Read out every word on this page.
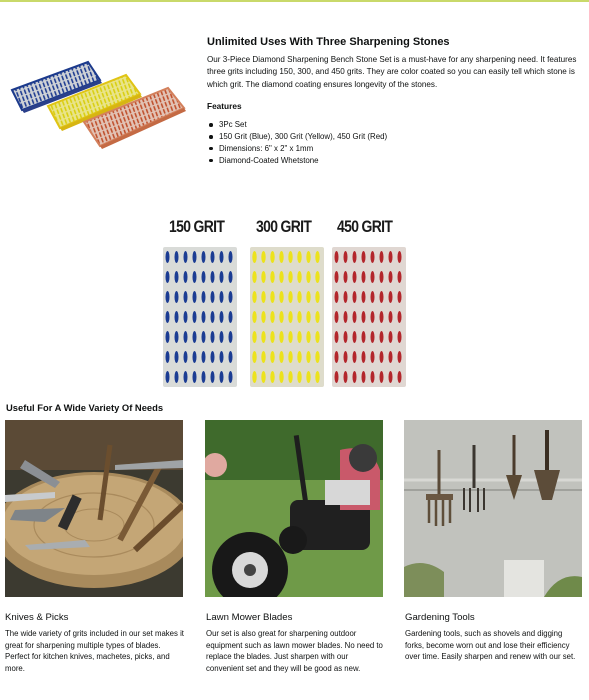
Unlimited Uses With Three Sharpening Stones

Our 3-Piece Diamond Sharpening Bench Stone Set is a must-have for any sharpening need. It features three grits including 150, 300, and 450 grits. They are color coated so you can easily tell which stone is which grit. The diamond coating ensures longevity of the stones.

Features
3Pc Set
150 Grit (Blue), 300 Grit (Yellow), 450 Grit (Red)
Dimensions: 6" x 2" x 1mm
Diamond-Coated Whetstone
150 GRIT 300 GRIT 450 GRIT
Useful For A Wide Variety Of Needs
Knives & Picks
The wide variety of grits included in our set makes it great for sharpening multiple types of blades. Perfect for kitchen knives, machetes, picks, and more.
Lawn Mower Blades
Our set is also great for sharpening outdoor equipment such as lawn mower blades. No need to replace the blades. Just sharpen with our convenient set and they will be good as new.
Gardening Tools
Gardening tools, such as shovels and digging forks, become worn out and lose their efficiency over time. Easily sharpen and renew with our set.
